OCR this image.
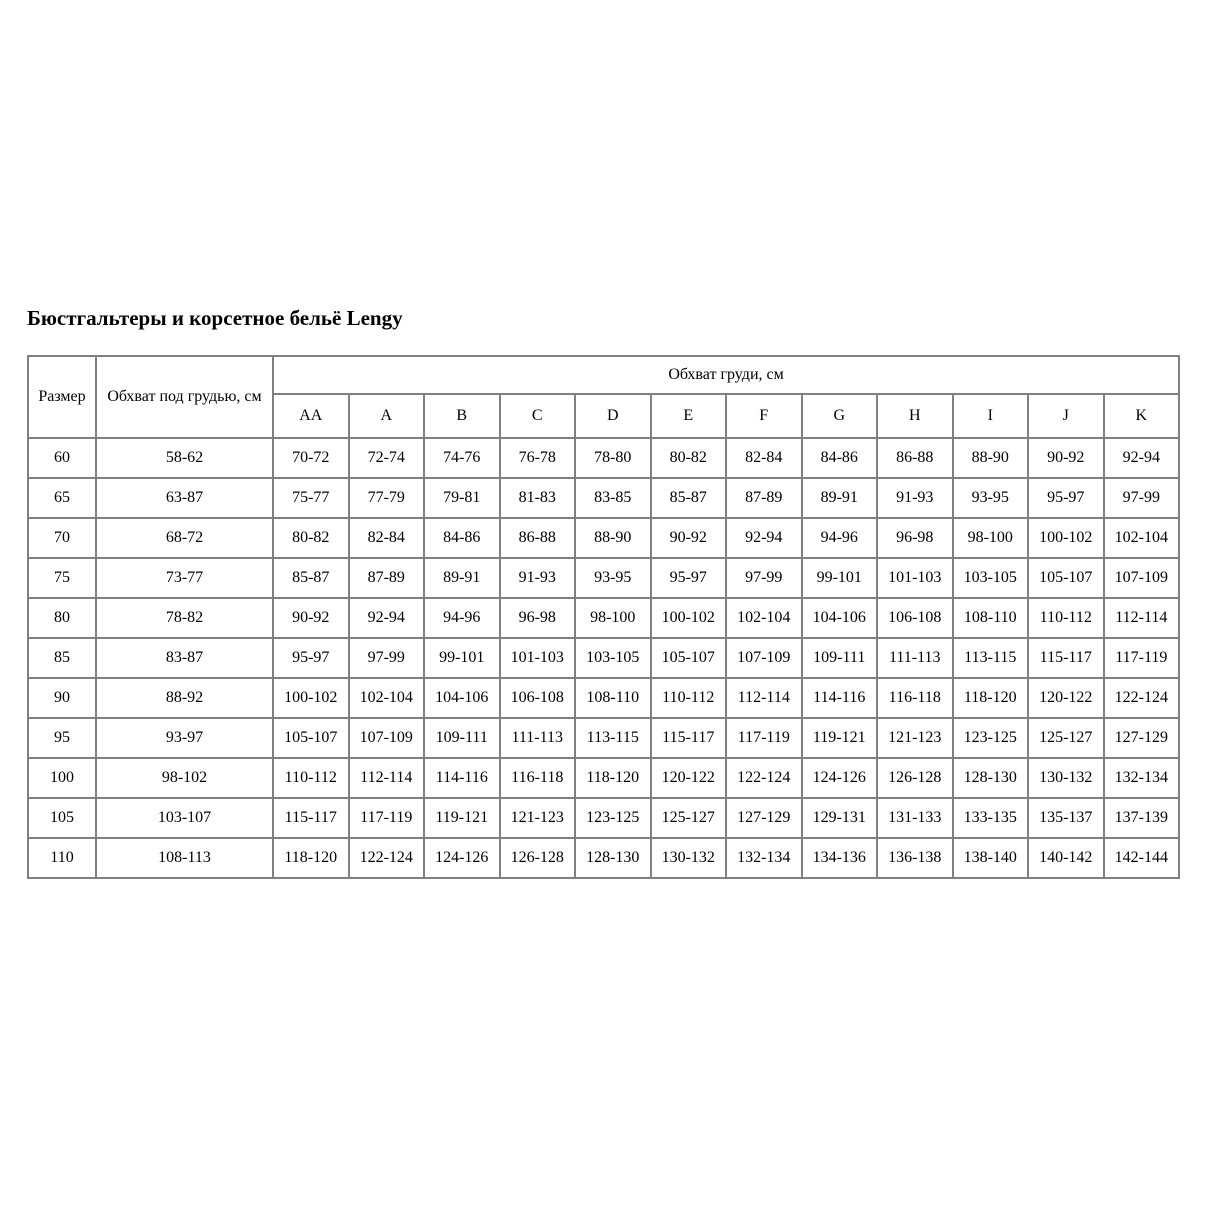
Бюстгальтеры и корсетное бельё Lengy
Размер	Обхват под грудью, см	Обхват груди, см											
		AA	A	B	C	D	E	F	G	H	I	J	K
60	58-62	70-72	72-74	74-76	76-78	78-80	80-82	82-84	84-86	86-88	88-90	90-92	92-94
65	63-87	75-77	77-79	79-81	81-83	83-85	85-87	87-89	89-91	91-93	93-95	95-97	97-99
70	68-72	80-82	82-84	84-86	86-88	88-90	90-92	92-94	94-96	96-98	98-100	100-102	102-104
75	73-77	85-87	87-89	89-91	91-93	93-95	95-97	97-99	99-101	101-103	103-105	105-107	107-109
80	78-82	90-92	92-94	94-96	96-98	98-100	100-102	102-104	104-106	106-108	108-110	110-112	112-114
85	83-87	95-97	97-99	99-101	101-103	103-105	105-107	107-109	109-111	111-113	113-115	115-117	117-119
90	88-92	100-102	102-104	104-106	106-108	108-110	110-112	112-114	114-116	116-118	118-120	120-122	122-124
95	93-97	105-107	107-109	109-111	111-113	113-115	115-117	117-119	119-121	121-123	123-125	125-127	127-129
100	98-102	110-112	112-114	114-116	116-118	118-120	120-122	122-124	124-126	126-128	128-130	130-132	132-134
105	103-107	115-117	117-119	119-121	121-123	123-125	125-127	127-129	129-131	131-133	133-135	135-137	137-139
110	108-113	118-120	122-124	124-126	126-128	128-130	130-132	132-134	134-136	136-138	138-140	140-142	142-144
